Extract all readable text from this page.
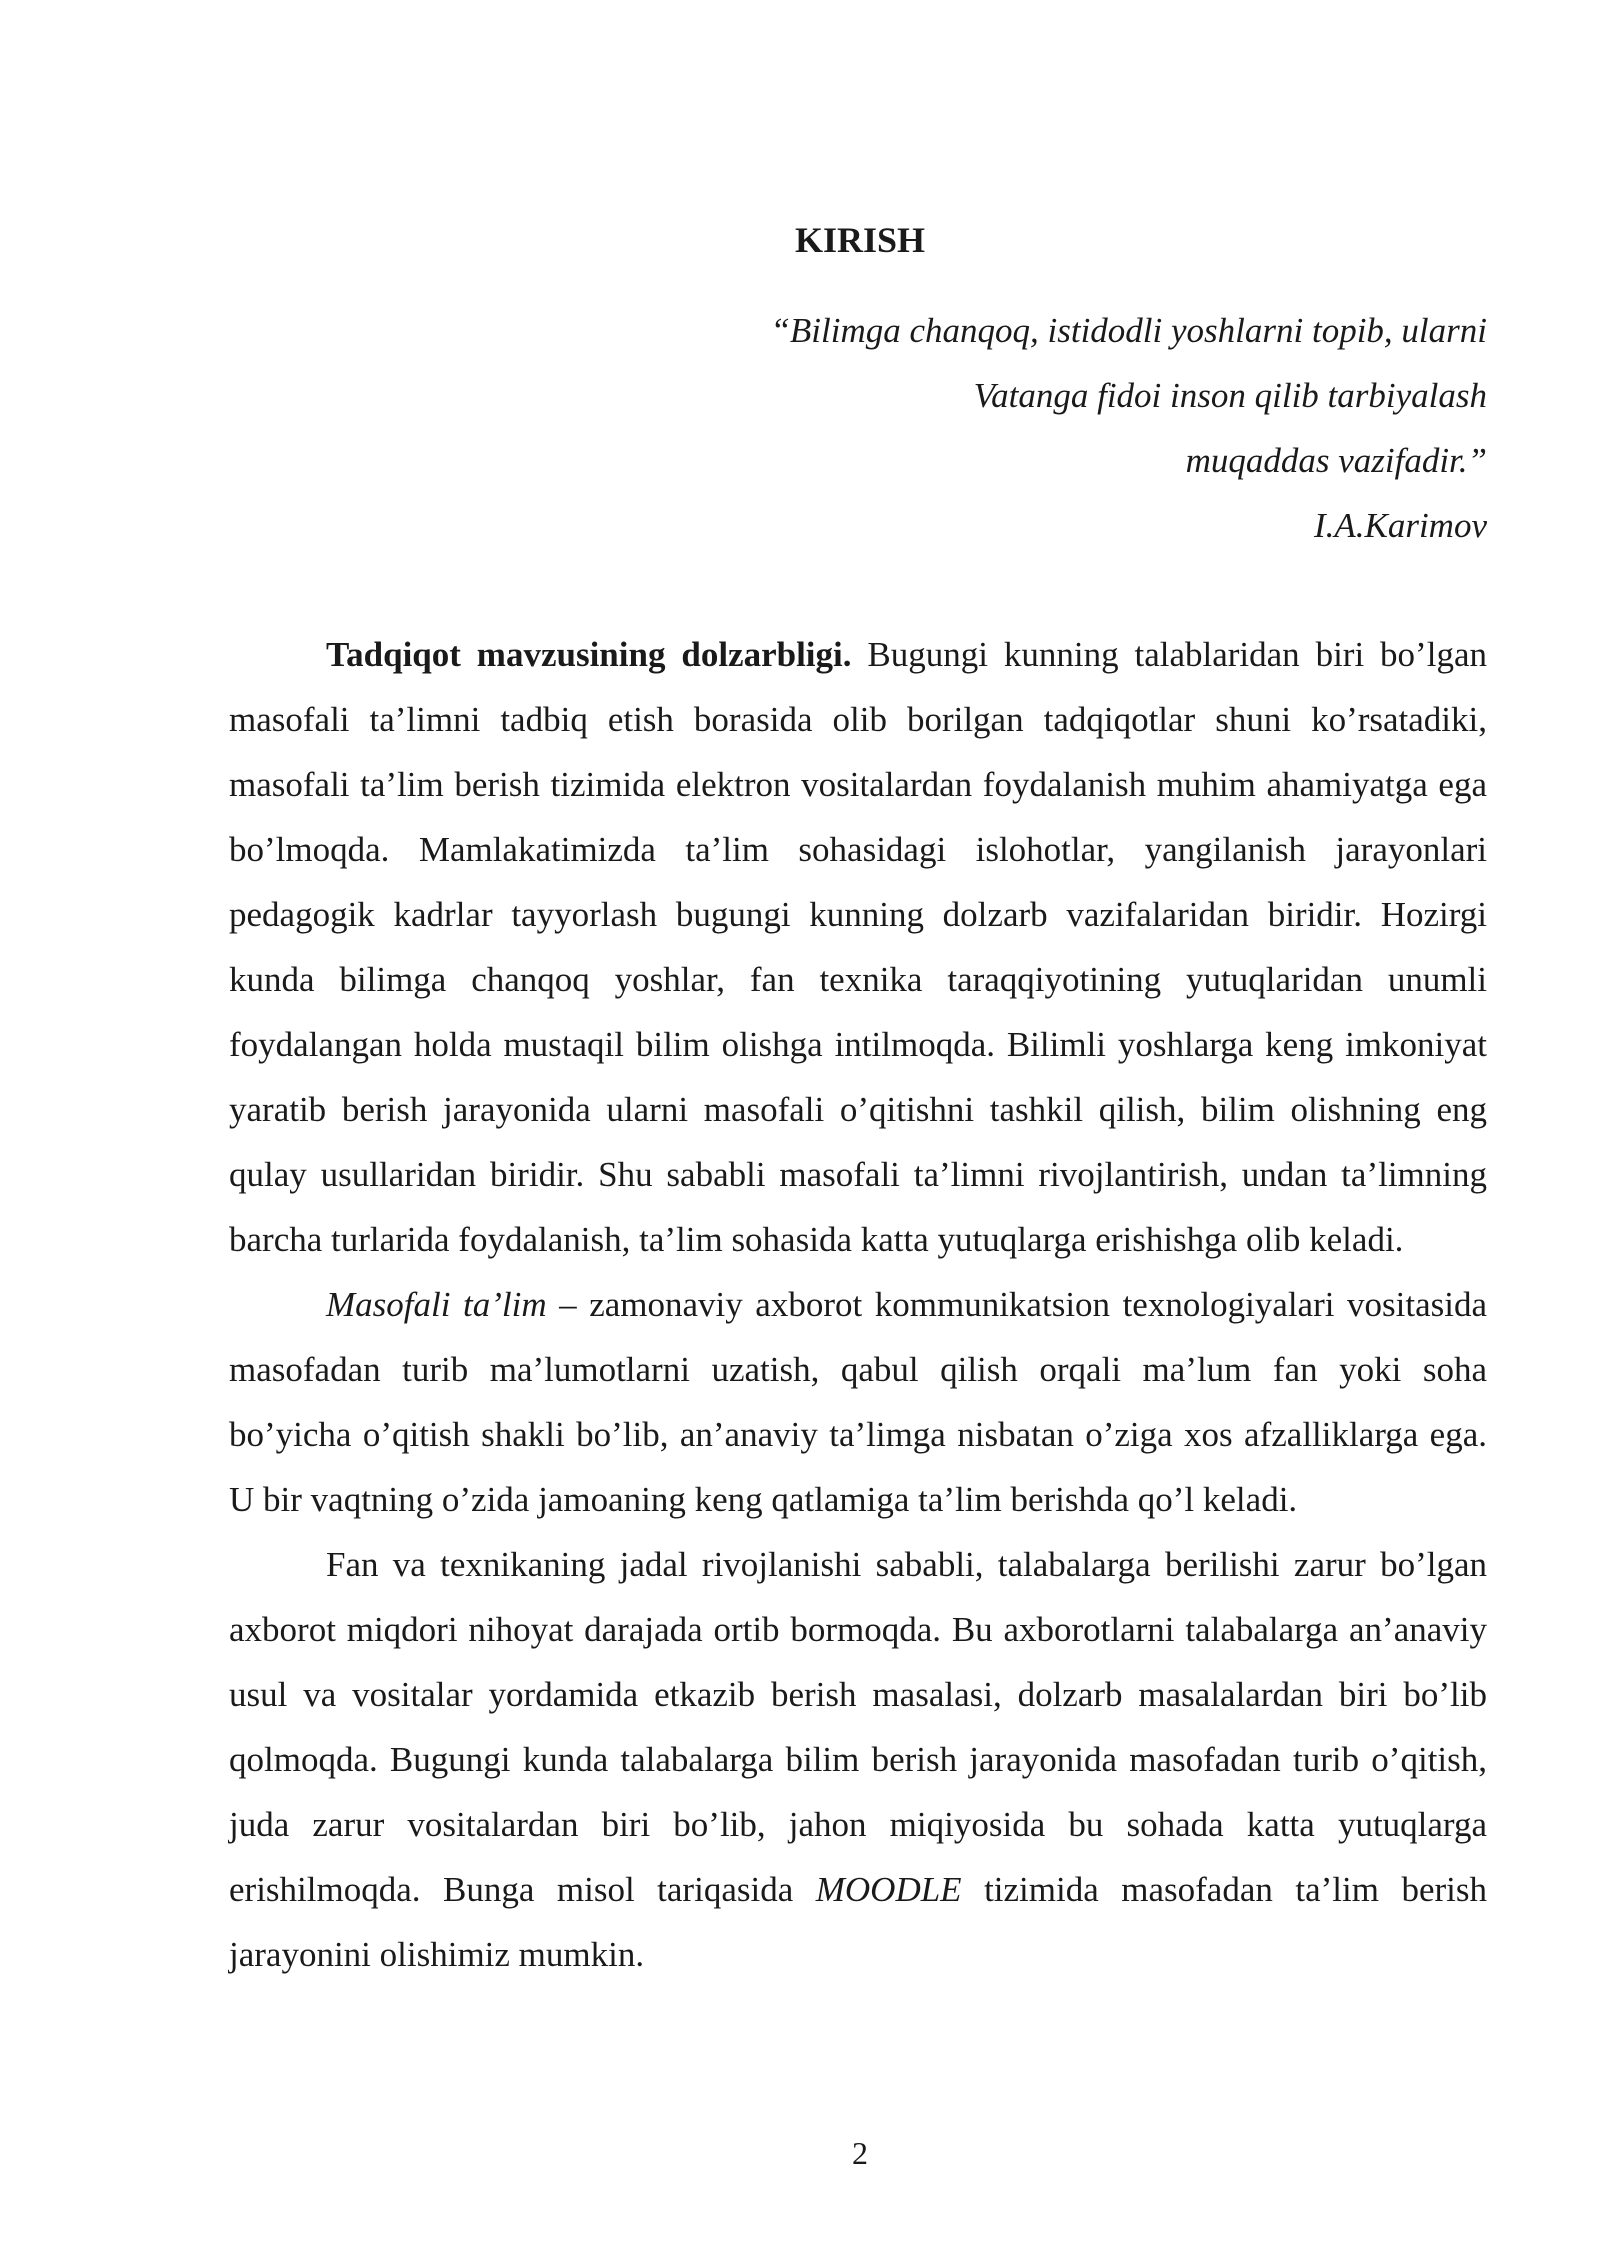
KIRISH
“Bilimga chanqoq, istidodli yoshlarni topib, ularni
Vatanga fidoi inson qilib tarbiyalash
muqaddas vazifadir.”
I.A.Karimov

Tadqiqot mavzusining dolzarbligi. Bugungi kunning talablaridan biri bo’lgan masofali ta’limni tadbiq etish borasida olib borilgan tadqiqotlar shuni ko’rsatadiki, masofali ta’lim berish tizimida elektron vositalardan foydalanish muhim ahamiyatga ega bo’lmoqda. Mamlakatimizda ta’lim sohasidagi islohotlar, yangilanish jarayonlari pedagogik kadrlar tayyorlash bugungi kunning dolzarb vazifalaridan biridir. Hozirgi kunda bilimga chanqoq yoshlar, fan texnika taraqqiyotining yutuqlaridan unumli foydalangan holda mustaqil bilim olishga intilmoqda. Bilimli yoshlarga keng imkoniyat yaratib berish jarayonida ularni masofali o’qitishni tashkil qilish, bilim olishning eng qulay usullaridan biridir. Shu sababli masofali ta’limni rivojlantirish, undan ta’limning barcha turlarida foydalanish, ta’lim sohasida katta yutuqlarga erishishga olib keladi.

Masofali ta’lim – zamonaviy axborot kommunikatsion texnologiyalari vositasida masofadan turib ma’lumotlarni uzatish, qabul qilish orqali ma’lum fan yoki soha bo’yicha o’qitish shakli bo’lib, an’anaviy ta’limga nisbatan o’ziga xos afzalliklarga ega. U bir vaqtning o’zida jamoaning keng qatlamiga ta’lim berishda qo’l keladi.

Fan va texnikaning jadal rivojlanishi sababli, talabalarga berilishi zarur bo’lgan axborot miqdori nihoyat darajada ortib bormoqda. Bu axborotlarni talabalarga an’anaviy usul va vositalar yordamida etkazib berish masalasi, dolzarb masalalardan biri bo’lib qolmoqda. Bugungi kunda talabalarga bilim berish jarayonida masofadan turib o’qitish, juda zarur vositalardan biri bo’lib, jahon miqiyosida bu sohada katta yutuqlarga erishilmoqda. Bunga misol tariqasida MOODLE tizimida masofadan ta’lim berish jarayonini olishimiz mumkin.

2
